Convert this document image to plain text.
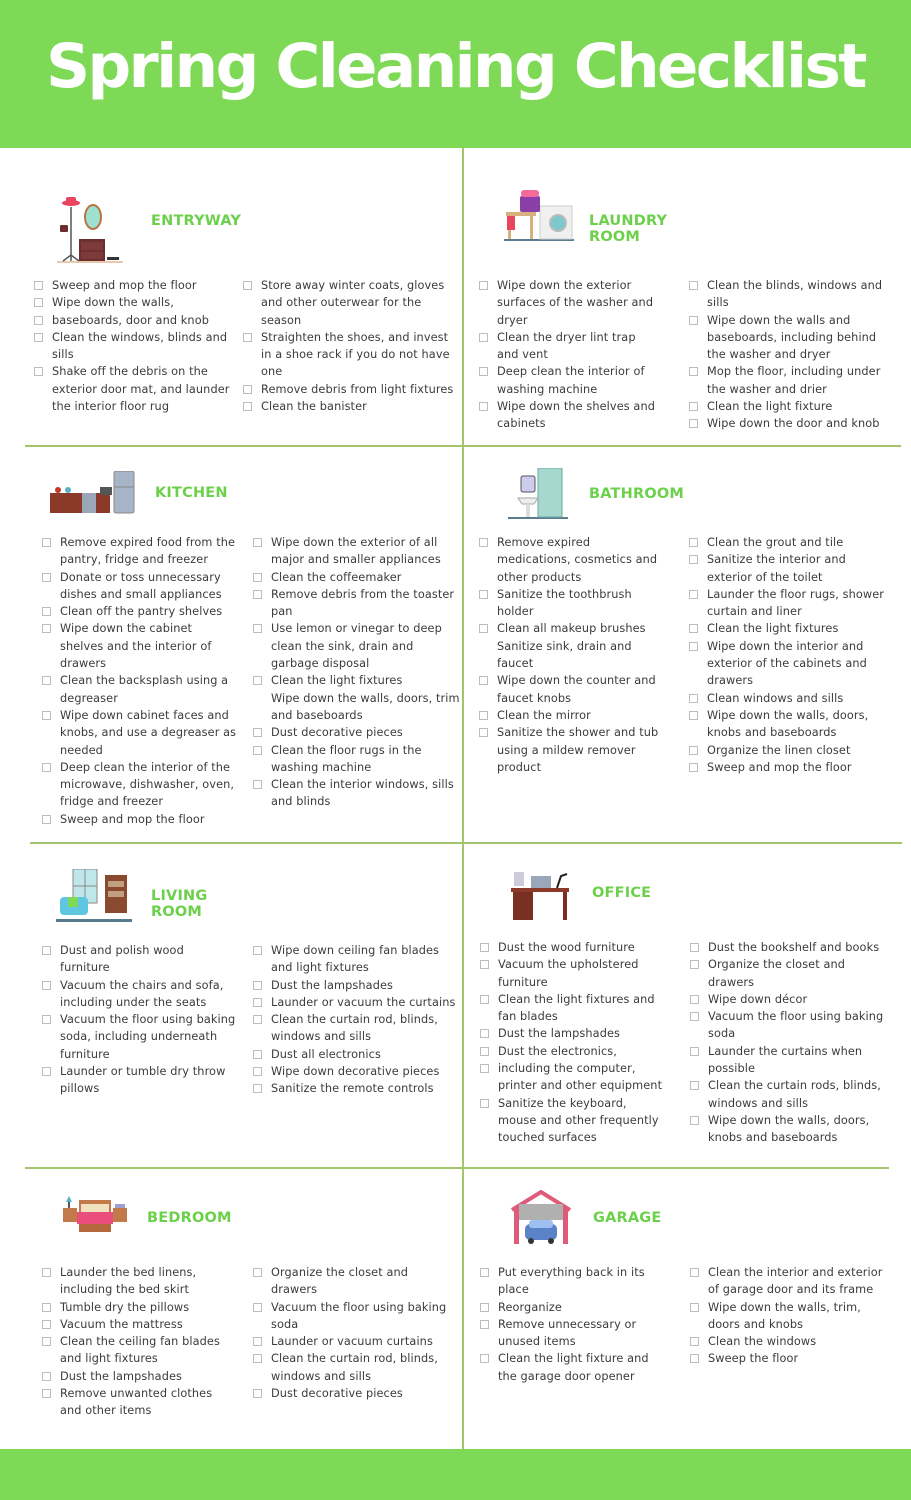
Spring Cleaning Checklist
ENTRYWAY
Sweep and mop the floor
Wipe down the walls,
baseboards, door and knob
Clean the windows, blinds and
sills
Shake off the debris on the
exterior door mat, and launder
the interior floor rug
Store away winter coats, gloves
and other outerwear for the
season
Straighten the shoes, and invest
in a shoe rack if you do not have
one
Remove debris from light fixtures
Clean the banister
LAUNDRY ROOM
Wipe down the exterior
surfaces of the washer and
dryer
Clean the dryer lint trap
and vent
Deep clean the interior of
washing machine
Wipe down the shelves and
cabinets
Clean the blinds, windows and
sills
Wipe down the walls and
baseboards, including behind
the washer and dryer
Mop the floor, including under
the washer and drier
Clean the light fixture
Wipe down the door and knob
KITCHEN
Remove expired food from the
pantry, fridge and freezer
Donate or toss unnecessary
dishes and small appliances
Clean off the pantry shelves
Wipe down the cabinet
shelves and the interior of
drawers
Clean the backsplash using a
degreaser
Wipe down cabinet faces and
knobs, and use a degreaser as
needed
Deep clean the interior of the
microwave, dishwasher, oven,
fridge and freezer
Sweep and mop the floor
Wipe down the exterior of all
major and smaller appliances
Clean the coffeemaker
Remove debris from the toaster
pan
Use lemon or vinegar to deep
clean the sink, drain and
garbage disposal
Clean the light fixtures
Wipe down the walls, doors, trim
and baseboards
Dust decorative pieces
Clean the floor rugs in the
washing machine
Clean the interior windows, sills
and blinds
BATHROOM
Remove expired
medications, cosmetics and
other products
Sanitize the toothbrush
holder
Clean all makeup brushes
Sanitize sink, drain and
faucet
Wipe down the counter and
faucet knobs
Clean the mirror
Sanitize the shower and tub
using a mildew remover
product
Clean the grout and tile
Sanitize the interior and
exterior of the toilet
Launder the floor rugs, shower
curtain and liner
Clean the light fixtures
Wipe down the interior and
exterior of the cabinets and
drawers
Clean windows and sills
Wipe down the walls, doors,
knobs and baseboards
Organize the linen closet
Sweep and mop the floor
LIVING ROOM
Dust and polish wood
furniture
Vacuum the chairs and sofa,
including under the seats
Vacuum the floor using baking
soda, including underneath
furniture
Launder or tumble dry throw
pillows
Wipe down ceiling fan blades
and light fixtures
Dust the lampshades
Launder or vacuum the curtains
Clean the curtain rod, blinds,
windows and sills
Dust all electronics
Wipe down decorative pieces
Sanitize the remote controls
OFFICE
Dust the wood furniture
Vacuum the upholstered
furniture
Clean the light fixtures and
fan blades
Dust the lampshades
Dust the electronics,
including the computer,
printer and other equipment
Sanitize the keyboard,
mouse and other frequently
touched surfaces
Dust the bookshelf and books
Organize the closet and
drawers
Wipe down décor
Vacuum the floor using baking
soda
Launder the curtains when
possible
Clean the curtain rods, blinds,
windows and sills
Wipe down the walls, doors,
knobs and baseboards
BEDROOM
Launder the bed linens,
including the bed skirt
Tumble dry the pillows
Vacuum the mattress
Clean the ceiling fan blades
and light fixtures
Dust the lampshades
Remove unwanted clothes
and other items
Organize the closet and
drawers
Vacuum the floor using baking
soda
Launder or vacuum curtains
Clean the curtain rod, blinds,
windows and sills
Dust decorative pieces
GARAGE
Put everything back in its
place
Reorganize
Remove unnecessary or
unused items
Clean the light fixture and
the garage door opener
Clean the interior and exterior
of garage door and its frame
Wipe down the walls, trim,
doors and knobs
Clean the windows
Sweep the floor
